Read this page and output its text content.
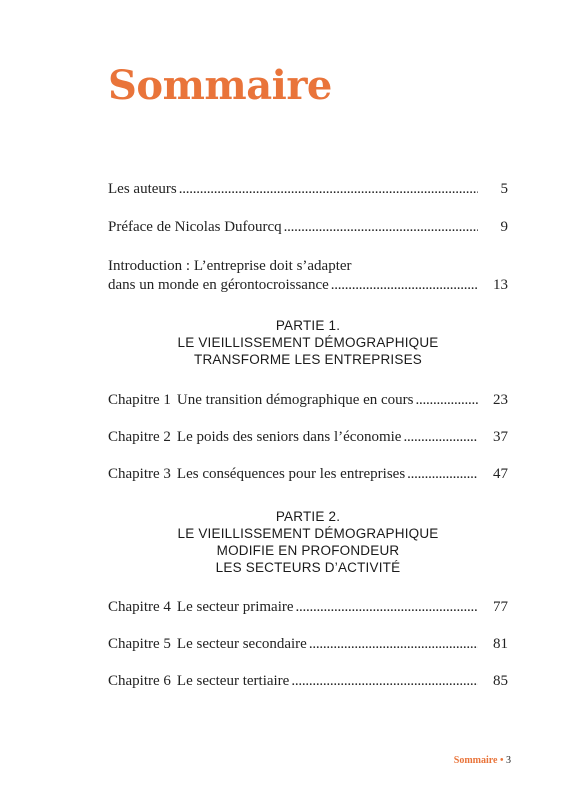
Sommaire
Les auteurs . . .	5
Préface de Nicolas Dufourcq . . .	9
Introduction : L’entreprise doit s’adapter
dans un monde en gérontocroissance . . .	13
PARTIE 1.
LE VIEILLISSEMENT DÉMOGRAPHIQUE
TRANSFORME LES ENTREPRISES
Chapitre 1 Une transition démographique en cours . . .	23
Chapitre 2 Le poids des seniors dans l’économie . . .	37
Chapitre 3 Les conséquences pour les entreprises . . .	47
PARTIE 2.
LE VIEILLISSEMENT DÉMOGRAPHIQUE
MODIFIE EN PROFONDEUR
LES SECTEURS D’ACTIVITÉ
Chapitre 4 Le secteur primaire . . .	77
Chapitre 5 Le secteur secondaire . . .	81
Chapitre 6 Le secteur tertiaire . . .	85
Sommaire • 3
